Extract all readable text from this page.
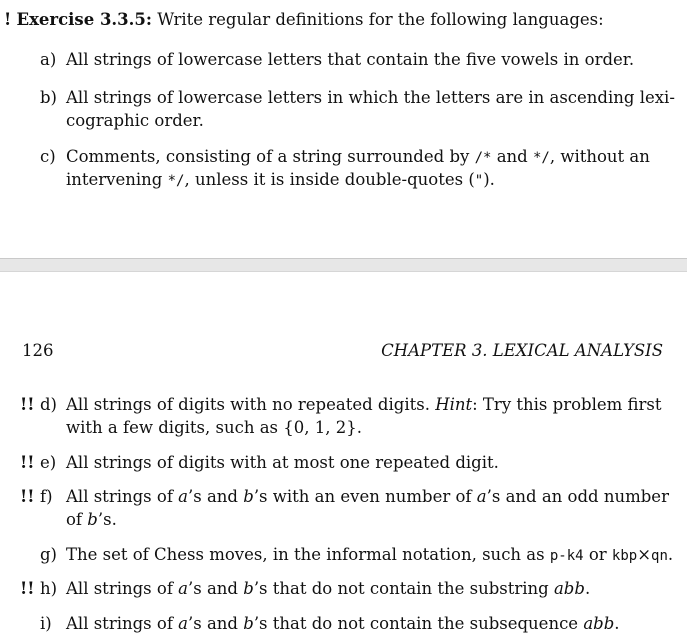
! Exercise 3.3.5: Write regular definitions for the following languages:
a) All strings of lowercase letters that contain the five vowels in order.
b) All strings of lowercase letters in which the letters are in ascending lexi-
cographic order.
c) Comments, consisting of a string surrounded by /* and */, without an
intervening */, unless it is inside double-quotes (").
126	CHAPTER 3. LEXICAL ANALYSIS
!! d) All strings of digits with no repeated digits. Hint: Try this problem first
with a few digits, such as {0, 1, 2}.
!! e) All strings of digits with at most one repeated digit.
!! f) All strings of a’s and b’s with an even number of a’s and an odd number
of b’s.
g) The set of Chess moves, in the informal notation, such as p-k4 or kbp×qn.
!! h) All strings of a’s and b’s that do not contain the substring abb.
i) All strings of a’s and b’s that do not contain the subsequence abb.
